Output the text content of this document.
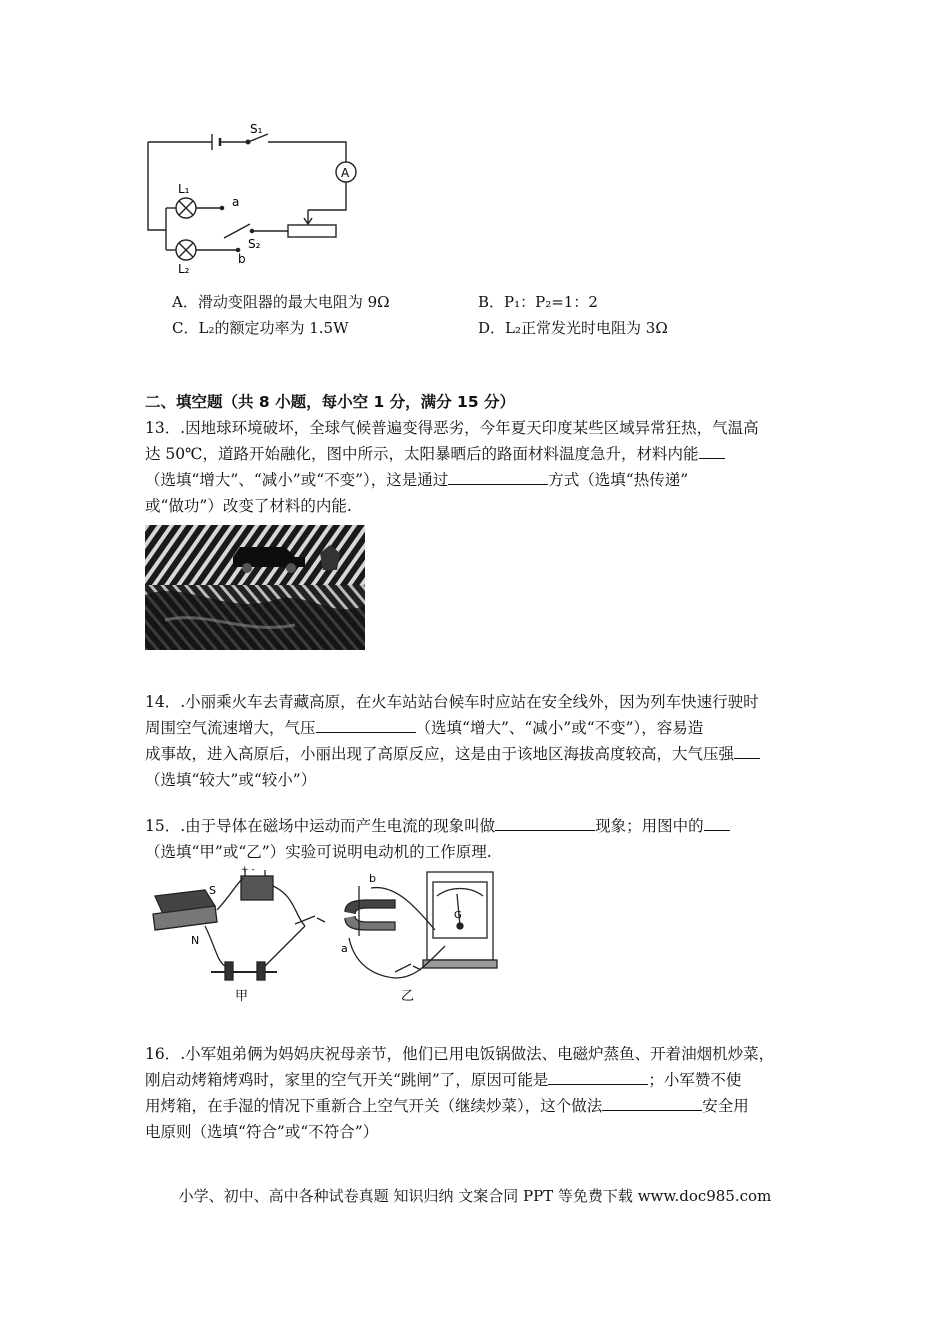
S₁
A
L₁
a
L₂
b
S₂
A．滑动变阻器的最大电阻为 9Ω	B．P₁：P₂=1：2
C．L₂的额定功率为 1.5W	D．L₂正常发光时电阻为 3Ω
二、填空题（共 8 小题，每小空 1 分，满分 15 分）
13．.因地球环境破坏，全球气候普遍变得恶劣，今年夏天印度某些区域异常狂热，气温高
达 50℃，道路开始融化，图中所示，太阳暴晒后的路面材料温度急升，材料内能
（选填“增大”、“减小”或“不变”），这是通过	方式（选填“热传递”
或“做功”）改变了材料的内能.
14．.小丽乘火车去青藏高原，在火车站站台候车时应站在安全线外，因为列车快速行驶时
周围空气流速增大，气压	（选填“增大”、“减小”或“不变”），容易造
成事故，进入高原后，小丽出现了高原反应，这是由于该地区海拔高度较高，大气压强
（选填“较大”或“较小”）
15．.由于导体在磁场中运动而产生电流的现象叫做	现象；用图中的
（选填“甲”或“乙”）实验可说明电动机的工作原理.
S
N
+ -
甲
b
a
G
乙
16．.小军姐弟俩为妈妈庆祝母亲节，他们已用电饭锅做法、电磁炉蒸鱼、开着油烟机炒菜，
刚启动烤箱烤鸡时，家里的空气开关“跳闸”了，原因可能是	；小军赞不使
用烤箱，在手湿的情况下重新合上空气开关（继续炒菜），这个做法	安全用
电原则（选填“符合”或“不符合”）
小学、初中、高中各种试卷真题 知识归纳 文案合同 PPT 等免费下载 www.doc985.com
